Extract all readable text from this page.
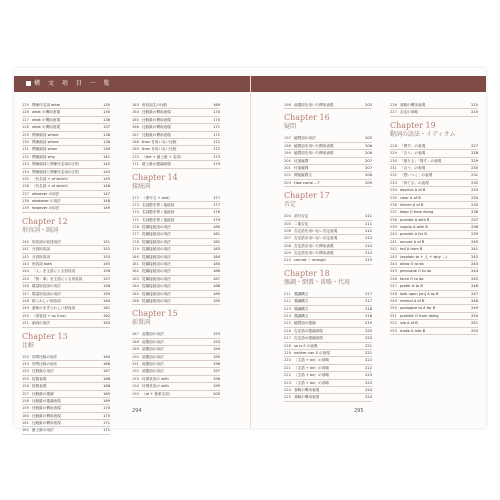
構 文 項 目 一 覧
125 関係代名詞 what	135
126 what の慣用表現	135
127 what の慣用表現	136
128 what の慣用表現	137
129 関係副詞 where	138
130 関係副詞 where	138
131 関係副詞 when	139
132 関係副詞 why	141
133 関係副詞と関係代名詞の区別	142
134 関係副詞と関係代名詞の区別	143
135 〈代名詞 + of which〉	145
136 〈代名詞 + of which〉	146
137 whoever の用法	147
138 whatever の用法	148
139 however の用法	149
Chapter 12
形容詞・副詞
140 形容詞の叙述用法	151
141 分詞形容詞	152
142 分詞形容詞	153
143 形容詞 both	155
144 「人」を主語にとる形容詞	156
145 「物・事」を主語にとる形容詞	157
146 数量形容詞の用法	158
147 数量形容詞の用法	159
148 紛らわしい形容詞	160
149 意味のまぎらわしい形容詞	161
150 〈形容詞 + as S be〉	162
151 副詞の用法	163
Chapter 13
比較
152 同等比較の用法	165
153 同等比較の用法	166
154 比較級の用法	167
155 倍数表現	168
156 倍数表現	168
157 比較級の強調	169
158 比較級の強調表現	169
159 比較級の慣用表現	170
160 比較級の慣用表現	170
161 比較級の慣用表現	171
162 最上級の用法	171
163 形容詞主の比較	169
164 比較級の慣用表現	170
165 比較級の慣用表現	170
166 比較級の慣用表現	171
167 比較級の慣用表現	171
168 than を用いない比較	172
169 than を用いない比較	172
170 〈the + 最上級 + 名詞〉	173
171 最上級の強調表現	174
Chapter 14
接続詞
172 〈命令文 + and〉	177
173 名詞節を導く接続詞	177
174 名詞節を導く接続詞	178
175 名詞節を導く接続詞	179
176 従属接続詞の用法	180
177 従属接続詞の用法	181
178 従属接続詞の用法	182
179 従属接続詞の用法	183
180 従属接続詞の用法	184
181 従属接続詞の用法	185
182 従属接続詞の用法	186
183 従属接続詞の用法	187
184 従属接続詞の用法	188
185 従属接続詞の用法	189
186 従属接続詞の用法	190
Chapter 15
前置詞
187 前置詞の用法	193
188 前置詞の用法	193
189 前置詞の用法	194
190 前置詞の用法	195
191 前置詞の用法	196
192 前置詞の用法	197
193 付帯状況の with	198
194 付帯状況の with	199
195 〈of + 抽象名詞〉	200
196 前置詞を用いた慣用表現	203
Chapter 16
疑問
197 疑問詞の用法	205
198 疑問詞を用いた慣用表現	206
199 疑問詞を用いた慣用表現	206
200 付加疑問	207
201 付加疑問	207
202 間接疑問文	208
203 How come …?	209
Chapter 17
否定
204 部分否定	211
205 二重否定	211
206 否定語を用いない否定表現	212
207 否定語を用いない否定表現	213
208 否定語を用いた慣用表現	214
209 否定語を用いた慣用表現	214
210 cannot 〜 enough	215
Chapter 18
強調・倒置・省略・代用
211 強調構文	217
212 強調構文	217
213 強調構文	218
214 強調構文	218
215 疑問詞の強調	219
216 否定語の強調表現	220
217 否定語の強調表現	220
218 so is S の表現	221
219 neither can S の表現	221
220 〈主語 + be〉の省略	222
221 〈主語 + be〉の省略	222
222 〈主語 + be〉の省略	223
223 〈主語 + be〉の省略	223
224 省略の慣用表現	224
225 省略の慣用表現	224
226 省略の慣用表現	225
227 否定の省略	225
Chapter 19
動詞の語法・イディオム
228 「貸す」の表現	227
229 「言う」の表現	228
230 「借りる」「貸す」の表現	229
231 「合う」の表現	230
232 「思いつく」の表現	231
233 「育てる」の表現	232
234 deprive A of B	233
235 clear A of B	234
236 inform A of B	235
237 keep O from doing	236
238 provide A with B	237
239 supply A with B	238
240 provide A for B	239
241 accuse A of B	240
242 tell A from B	241
243 (explain to + 人 + why …)	242
244 allow O to do	243
245 persuade O to do	244
246 force O to do	245
247 prefer A to B	246
248 look upon [on] A as B	247
249 remind A of B	248
250 apologize to A for B	249
251 prohibit O from doing	250
252 rob A of B	251
253 make A into B	252
294	295
